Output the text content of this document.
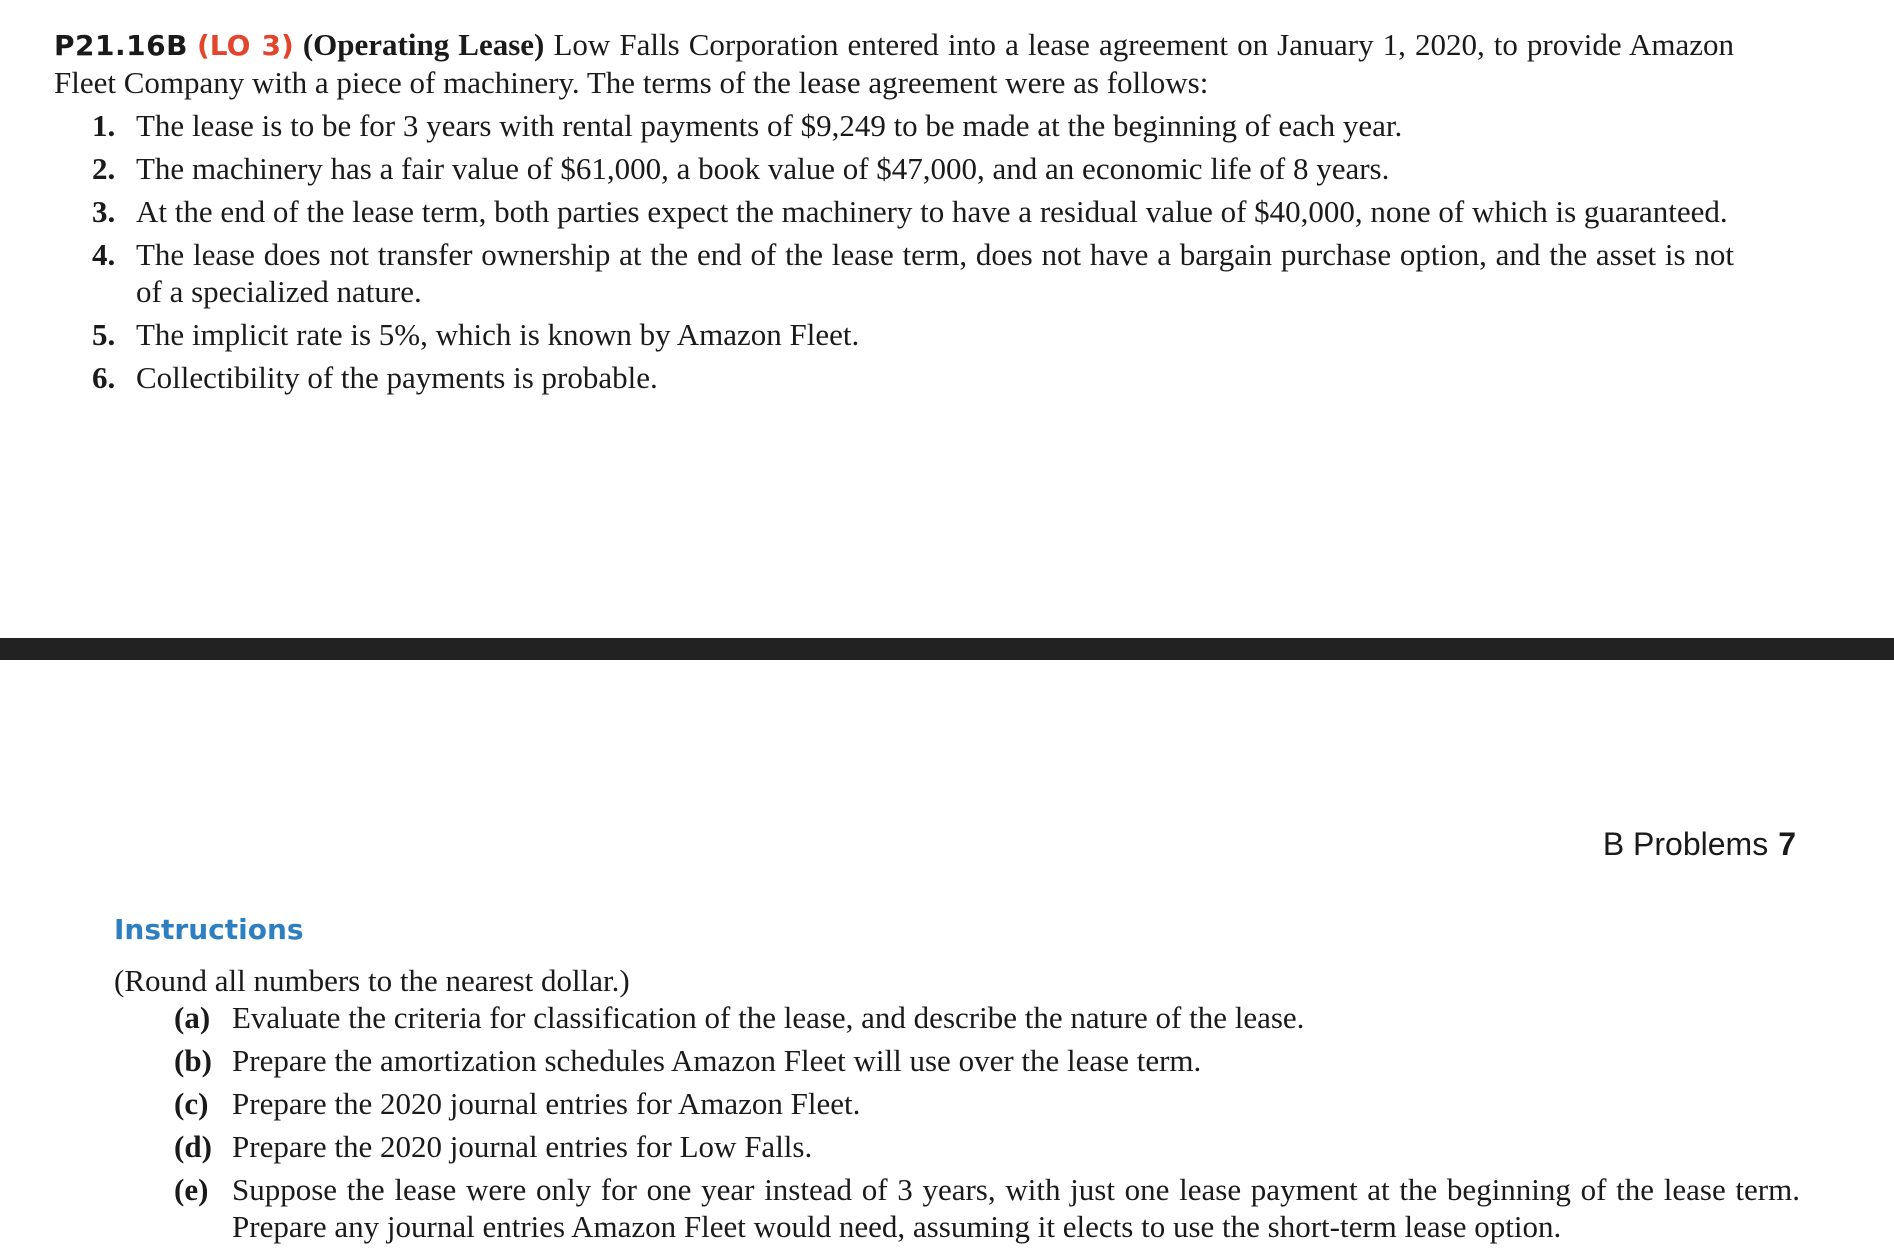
P21.16B (LO 3) (Operating Lease) Low Falls Corporation entered into a lease agreement on January 1, 2020, to provide Amazon Fleet Company with a piece of machinery. The terms of the lease agreement were as follows:

1. The lease is to be for 3 years with rental payments of $9,249 to be made at the beginning of each year.
2. The machinery has a fair value of $61,000, a book value of $47,000, and an economic life of 8 years.
3. At the end of the lease term, both parties expect the machinery to have a residual value of $40,000, none of which is guaranteed.
4. The lease does not transfer ownership at the end of the lease term, does not have a bargain purchase option, and the asset is not of a specialized nature.
5. The implicit rate is 5%, which is known by Amazon Fleet.
6. Collectibility of the payments is probable.
B Problems 7
Instructions

(Round all numbers to the nearest dollar.)

(a) Evaluate the criteria for classification of the lease, and describe the nature of the lease.
(b) Prepare the amortization schedules Amazon Fleet will use over the lease term.
(c) Prepare the 2020 journal entries for Amazon Fleet.
(d) Prepare the 2020 journal entries for Low Falls.
(e) Suppose the lease were only for one year instead of 3 years, with just one lease payment at the beginning of the lease term. Prepare any journal entries Amazon Fleet would need, assuming it elects to use the short-term lease option.
